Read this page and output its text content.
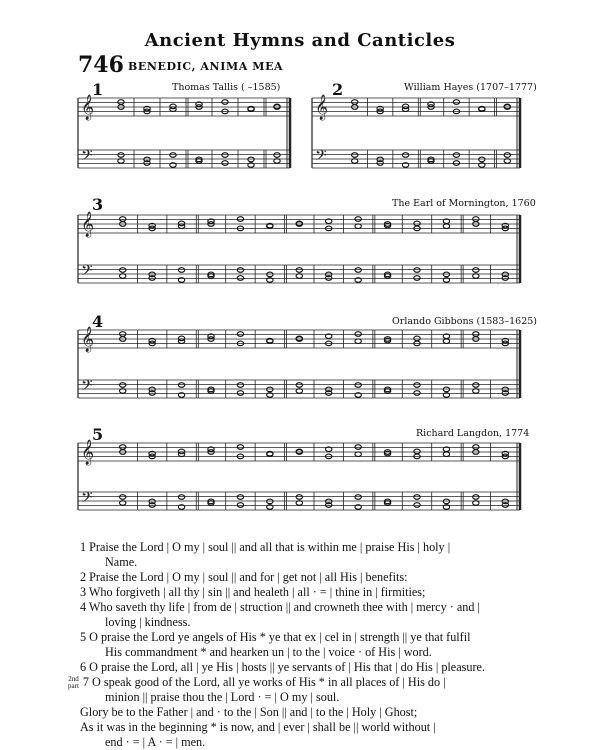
Ancient Hymns and Canticles
746 BENEDIC, ANIMA MEA
1	Thomas Tallis ( –1585)	2	William Hayes (1707–1777)
3	The Earl of Mornington, 1760
4	Orlando Gibbons (1583–1625)
5	Richard Langdon, 1774
𝄞
𝄢
𝄞
𝄢
𝄞
𝄢
𝄞
𝄢
𝄞
𝄢
1 Praise the Lord | O my | soul || and all that is within me | praise His | holy |
Name.
2 Praise the Lord | O my | soul || and for | get not | all His | benefits:
3 Who forgiveth | all thy | sin || and healeth | all · = | thine in | firmities;
4 Who saveth thy life | from de | struction || and crowneth thee with | mercy · and |
loving | kindness.
5 O praise the Lord ye angels of His * ye that ex | cel in | strength || ye that fulfil
His commandment * and hearken un | to the | voice · of His | word.
6 O praise the Lord, all | ye His | hosts || ye servants of | His that | do His | pleasure.
2nd
part 7 O speak good of the Lord, all ye works of His * in all places of | His do |
minion || praise thou the | Lord · = | O my | soul.
Glory be to the Father | and · to the | Son || and | to the | Holy | Ghost;
As it was in the beginning * is now, and | ever | shall be || world without |
end · = | A · = | men.
